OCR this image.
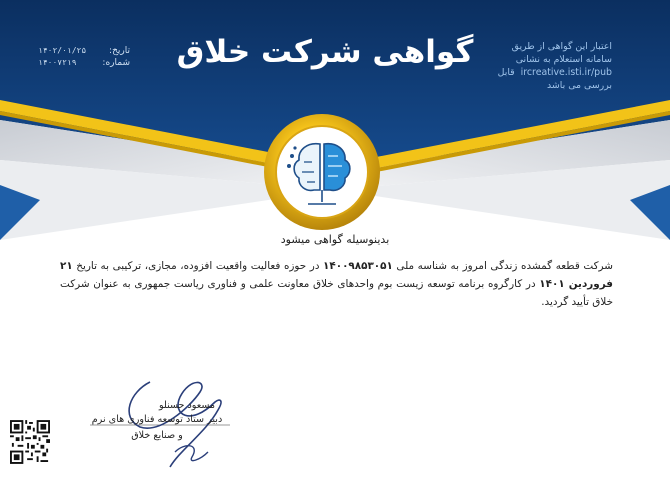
گواهی شرکت خلاق
تاریخ:
۱۴۰۲/۰۱/۲۵
شماره:
۱۴۰۰۷۲۱۹
اعتبار این گواهی از طریق
سامانه استعلام به نشانی
ircreative.isti.ir/pub  قابل
بررسی می باشد
بدینوسیله گواهی میشود
شرکت قطعه گمشده زندگی امروز به شناسه ملی ۱۴۰۰۹۸۵۳۰۵۱ در حوزه فعالیت واقعیت افزوده، مجازی، ترکیبی به تاریخ ۲۱ فروردین ۱۴۰۱ در کارگروه برنامه توسعه زیست بوم واحدهای خلاق معاونت علمی و فناوری ریاست جمهوری به عنوان شرکت خلاق تأیید گردید.
مسعود حسنلو
دبیر ستاد توسعه فناوری های نرم
و صنایع خلاق
